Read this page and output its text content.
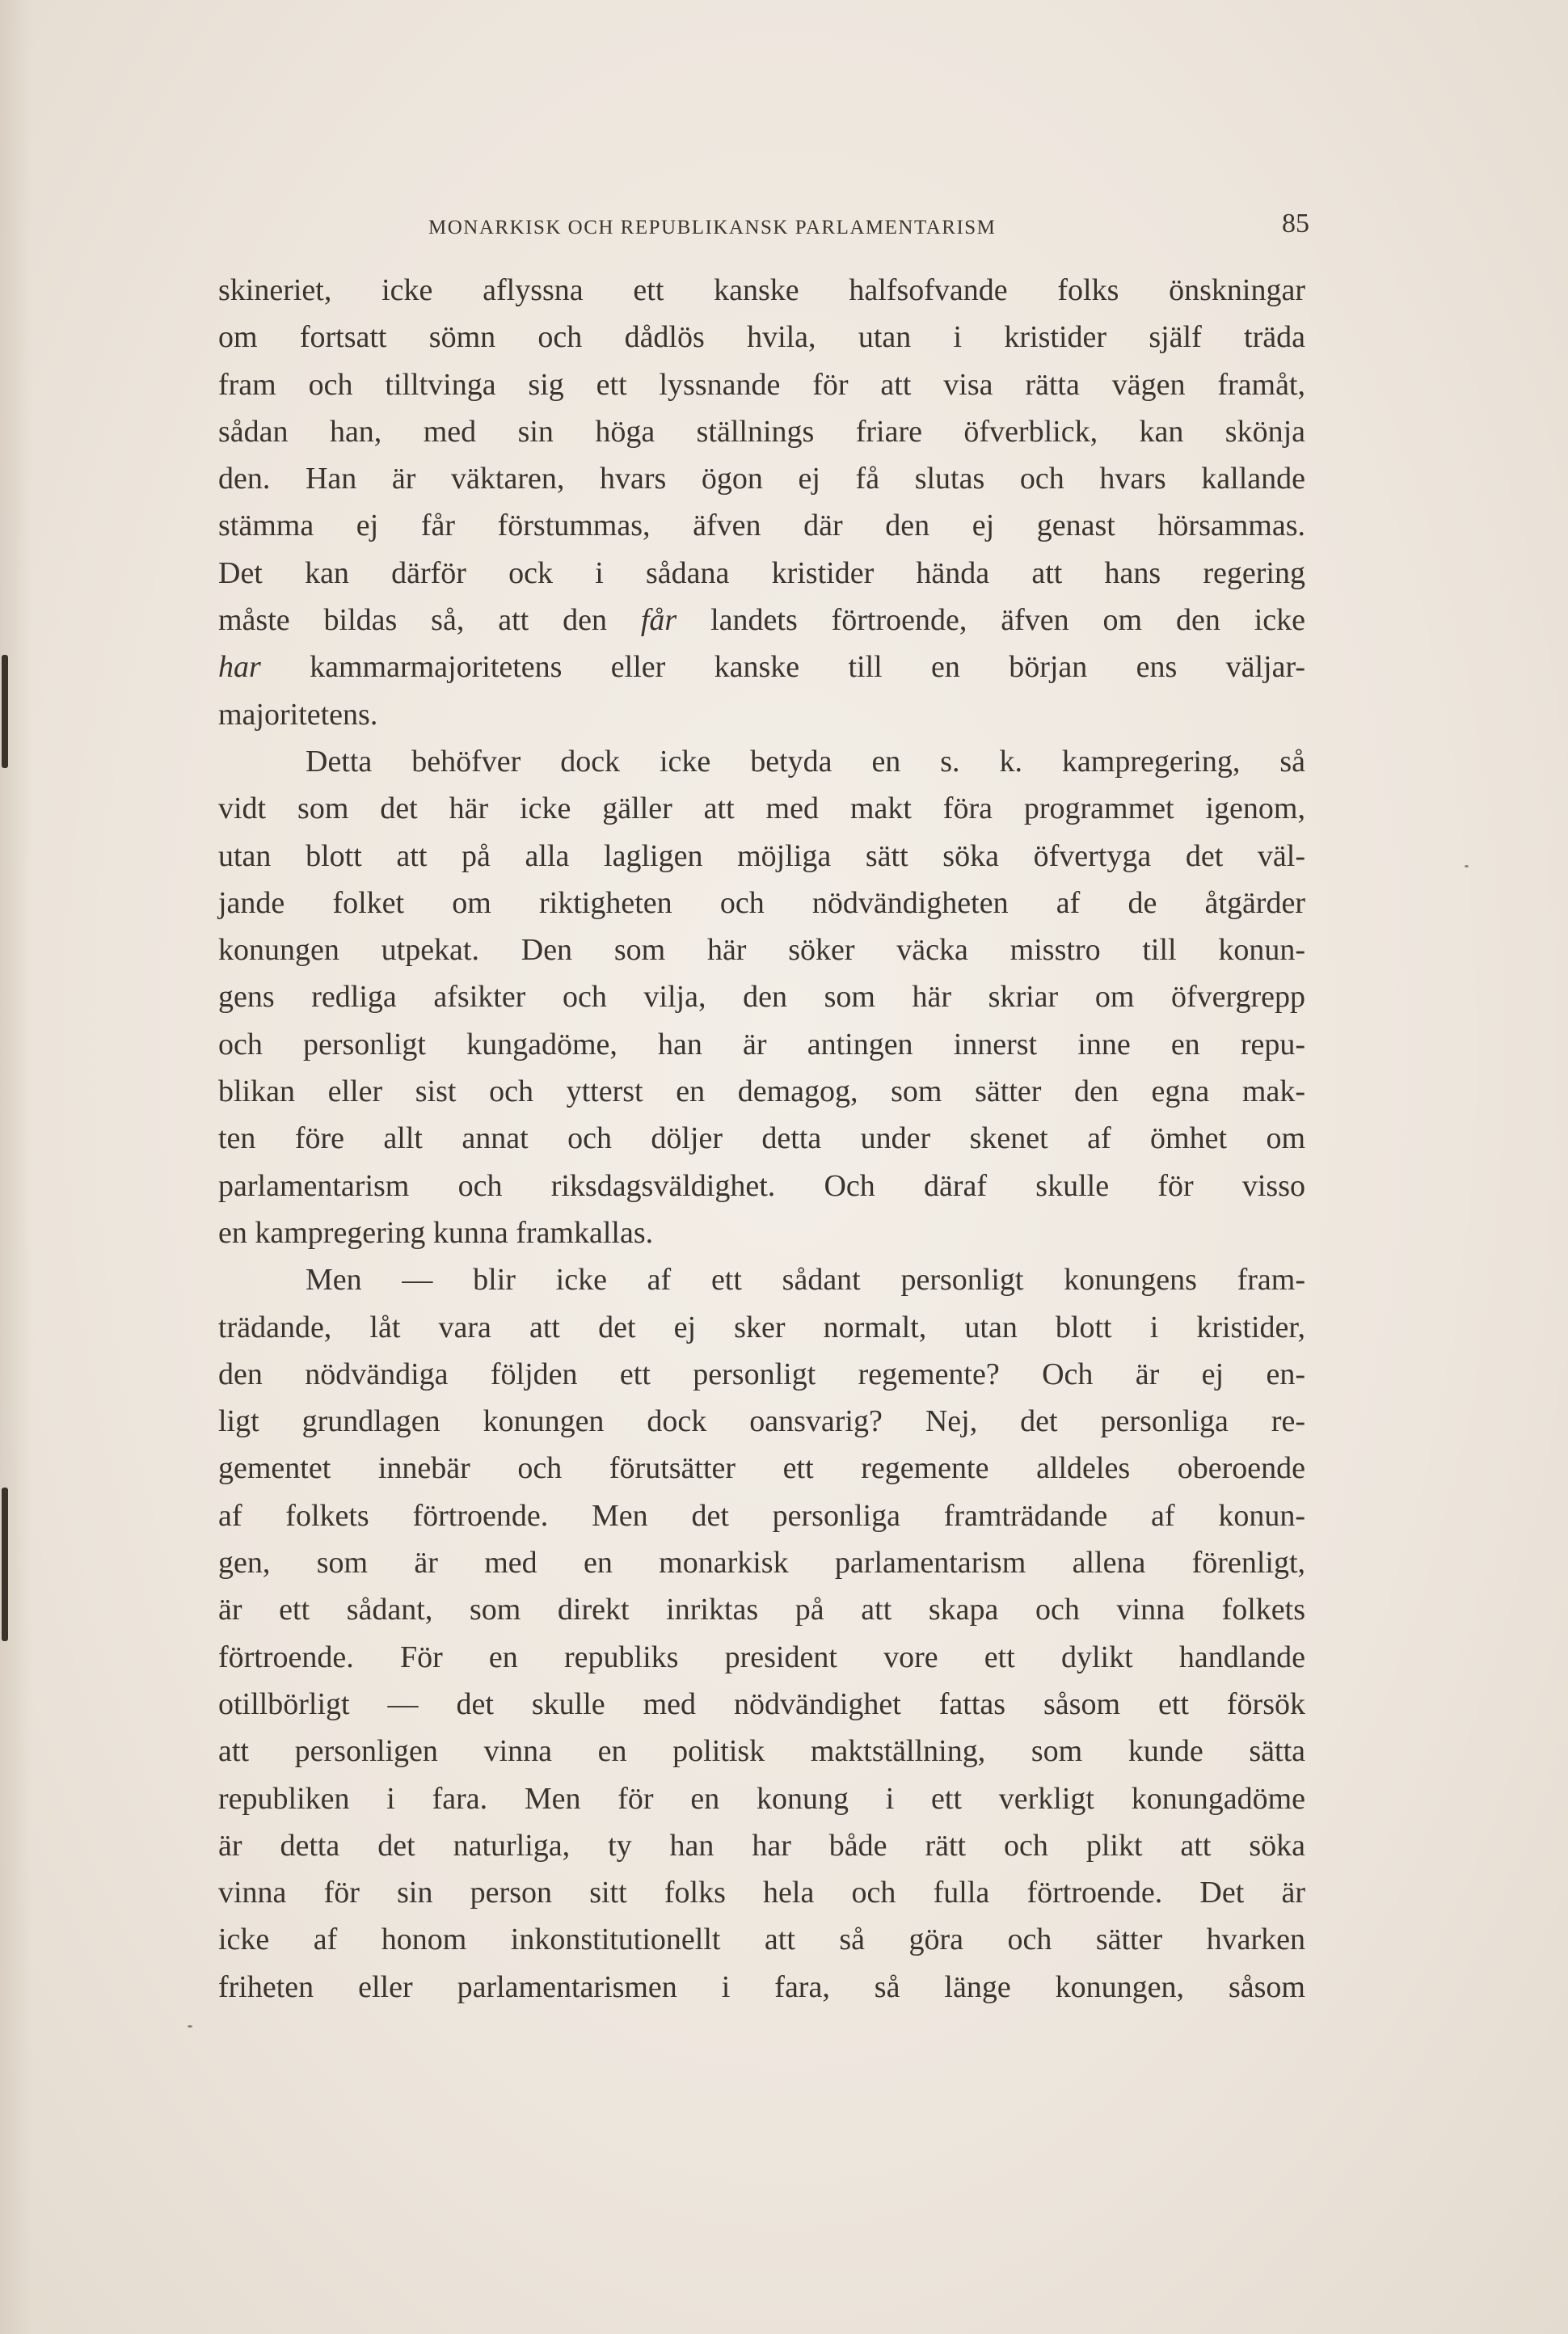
MONARKISK OCH REPUBLIKANSK PARLAMENTARISM	85
skineriet, icke aflyssna ett kanske halfsofvande folks önskningar
om fortsatt sömn och dådlös hvila, utan i kristider själf träda
fram och tilltvinga sig ett lyssnande för att visa rätta vägen framåt,
sådan han, med sin höga ställnings friare öfverblick, kan skönja
den. Han är väktaren, hvars ögon ej få slutas och hvars kallande
stämma ej får förstummas, äfven där den ej genast hörsammas.
Det kan därför ock i sådana kristider hända att hans regering
måste bildas så, att den får landets förtroende, äfven om den icke
har kammarmajoritetens eller kanske till en början ens väljar-
majoritetens.
Detta behöfver dock icke betyda en s. k. kampregering, så
vidt som det här icke gäller att med makt föra programmet igenom,
utan blott att på alla lagligen möjliga sätt söka öfvertyga det väl-
jande folket om riktigheten och nödvändigheten af de åtgärder
konungen utpekat. Den som här söker väcka misstro till konun-
gens redliga afsikter och vilja, den som här skriar om öfvergrepp
och personligt kungadöme, han är antingen innerst inne en repu-
blikan eller sist och ytterst en demagog, som sätter den egna mak-
ten före allt annat och döljer detta under skenet af ömhet om
parlamentarism och riksdagsväldighet. Och däraf skulle för visso
en kampregering kunna framkallas.
Men — blir icke af ett sådant personligt konungens fram-
trädande, låt vara att det ej sker normalt, utan blott i kristider,
den nödvändiga följden ett personligt regemente? Och är ej en-
ligt grundlagen konungen dock oansvarig? Nej, det personliga re-
gementet innebär och förutsätter ett regemente alldeles oberoende
af folkets förtroende. Men det personliga framträdande af konun-
gen, som är med en monarkisk parlamentarism allena förenligt,
är ett sådant, som direkt inriktas på att skapa och vinna folkets
förtroende. För en republiks president vore ett dylikt handlande
otillbörligt — det skulle med nödvändighet fattas såsom ett försök
att personligen vinna en politisk maktställning, som kunde sätta
republiken i fara. Men för en konung i ett verkligt konungadöme
är detta det naturliga, ty han har både rätt och plikt att söka
vinna för sin person sitt folks hela och fulla förtroende. Det är
icke af honom inkonstitutionellt att så göra och sätter hvarken
friheten eller parlamentarismen i fara, så länge konungen, såsom
